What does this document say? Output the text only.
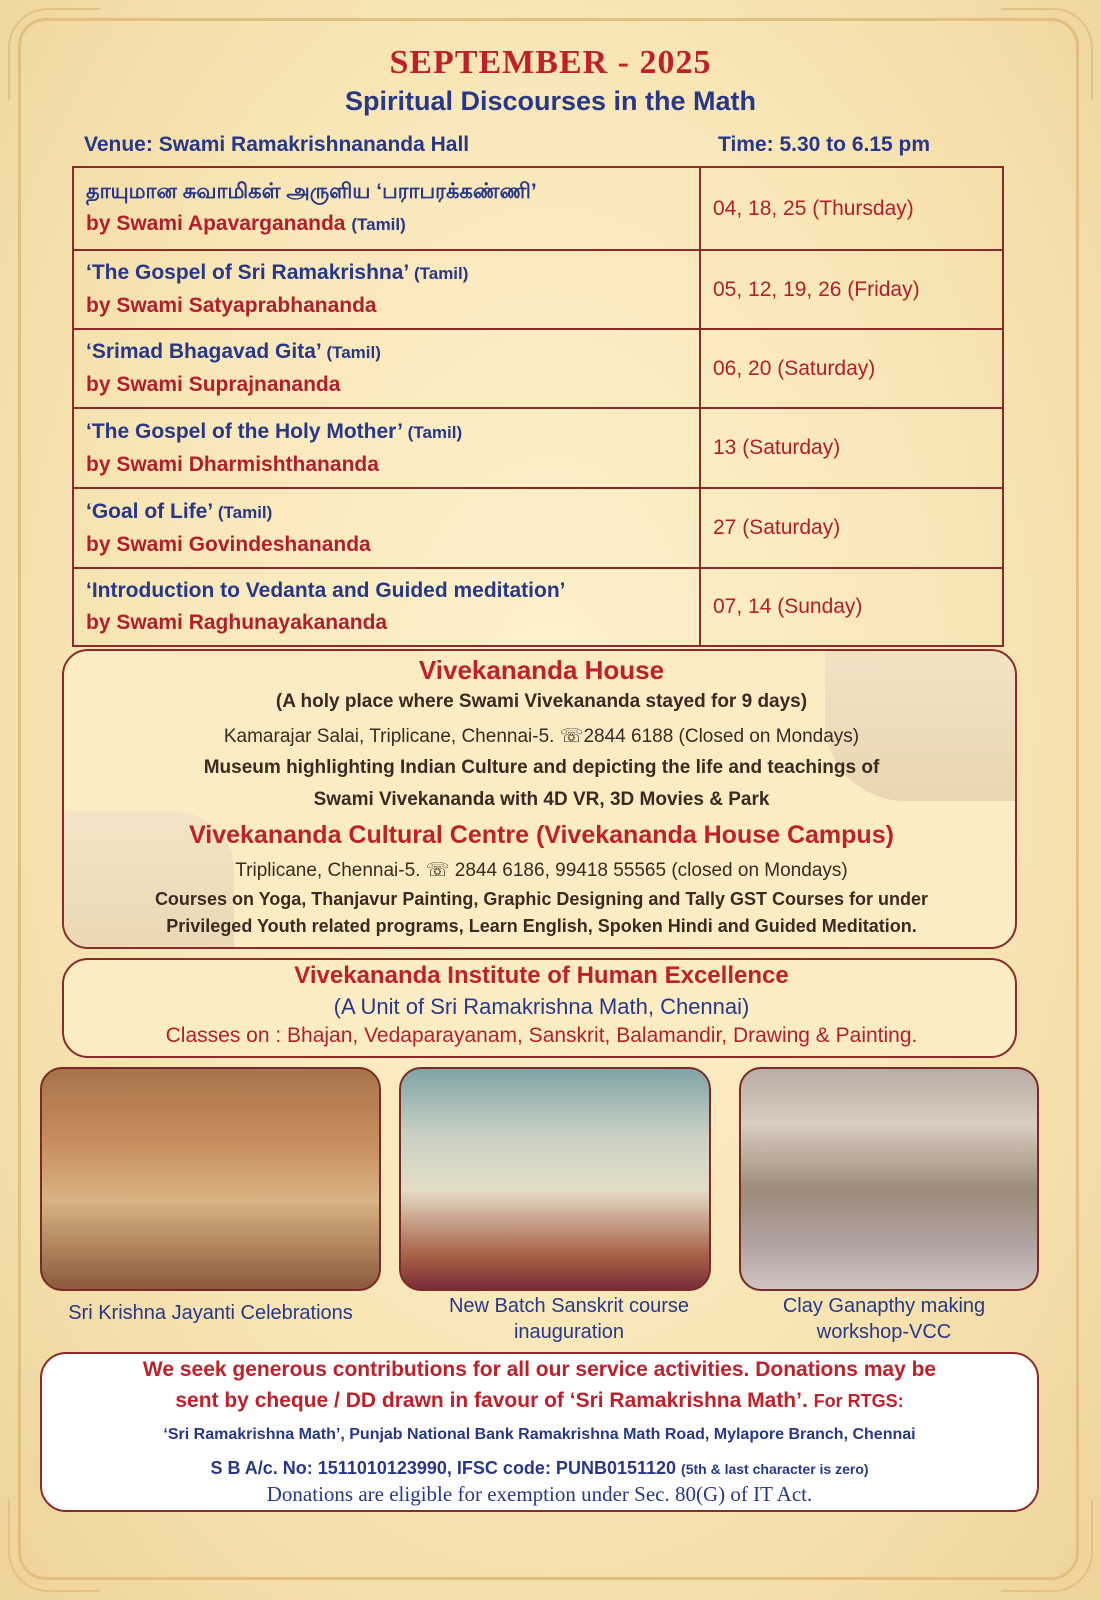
SEPTEMBER - 2025
Spiritual Discourses in the Math
Venue: Swami Ramakrishnananda Hall	Time: 5.30 to 6.15 pm
தாயுமான சுவாமிகள் அருளிய ‘பராபரக்கண்ணி’
by Swami Apavargananda (Tamil)	04, 18, 25 (Thursday)

‘The Gospel of Sri Ramakrishna’ (Tamil)
by Swami Satyaprabhananda	05, 12, 19, 26 (Friday)

‘Srimad Bhagavad Gita’ (Tamil)
by Swami Suprajnananda	06, 20 (Saturday)

‘The Gospel of the Holy Mother’ (Tamil)
by Swami Dharmishthananda	13 (Saturday)

‘Goal of Life’ (Tamil)
by Swami Govindeshananda	27 (Saturday)

‘Introduction to Vedanta and Guided meditation’
by Swami Raghunayakananda	07, 14 (Sunday)
Vivekananda House
(A holy place where Swami Vivekananda stayed for 9 days)
Kamarajar Salai, Triplicane, Chennai-5. ☏2844 6188 (Closed on Mondays)
Museum highlighting Indian Culture and depicting the life and teachings of
Swami Vivekananda with 4D VR, 3D Movies & Park
Vivekananda Cultural Centre (Vivekananda House Campus)
Triplicane, Chennai-5. ☏ 2844 6186, 99418 55565 (closed on Mondays)
Courses on Yoga, Thanjavur Painting, Graphic Designing and Tally GST Courses for under
Privileged Youth related programs, Learn English, Spoken Hindi and Guided Meditation.
Vivekananda Institute of Human Excellence
(A Unit of Sri Ramakrishna Math, Chennai)
Classes on : Bhajan, Vedaparayanam, Sanskrit, Balamandir, Drawing & Painting.
Sri Krishna Jayanti Celebrations	New Batch Sanskrit course
inauguration
Clay Ganapthy making
workshop-VCC
We seek generous contributions for all our service activities. Donations may be
sent by cheque / DD drawn in favour of ‘Sri Ramakrishna Math’. For RTGS:
‘Sri Ramakrishna Math’, Punjab National Bank Ramakrishna Math Road, Mylapore Branch, Chennai
S B A/c. No: 1511010123990, IFSC code: PUNB0151120 (5th & last character is zero)
Donations are eligible for exemption under Sec. 80(G) of IT Act.
